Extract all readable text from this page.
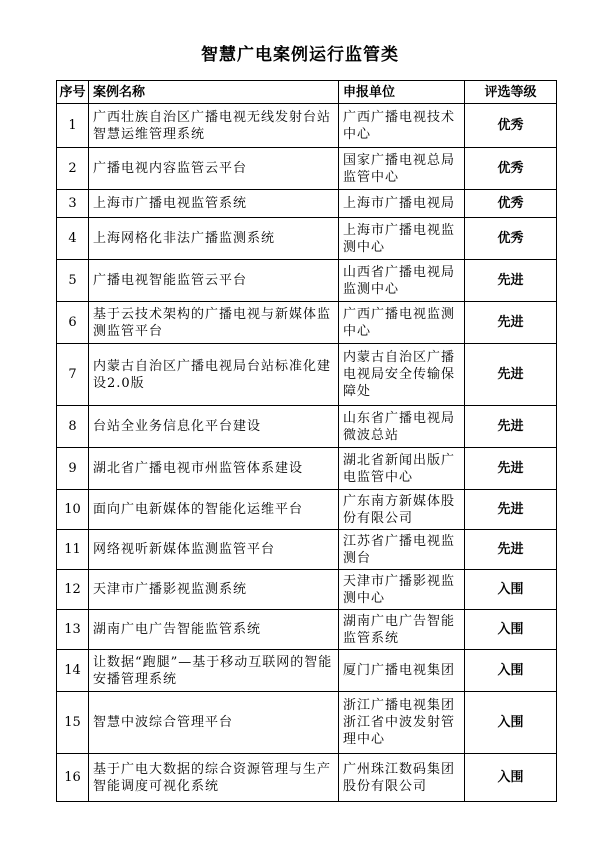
智慧广电案例运行监管类
序号	案例名称	申报单位	评选等级
1	广西壮族自治区广播电视无线发射台站智慧运维管理系统	广西广播电视技术中心	优秀
2	广播电视内容监管云平台	国家广播电视总局监管中心	优秀
3	上海市广播电视监管系统	上海市广播电视局	优秀
4	上海网格化非法广播监测系统	上海市广播电视监测中心	优秀
5	广播电视智能监管云平台	山西省广播电视局监测中心	先进
6	基于云技术架构的广播电视与新媒体监测监管平台	广西广播电视监测中心	先进
7	内蒙古自治区广播电视局台站标准化建设2.0版	内蒙古自治区广播电视局安全传输保障处	先进
8	台站全业务信息化平台建设	山东省广播电视局微波总站	先进
9	湖北省广播电视市州监管体系建设	湖北省新闻出版广电监管中心	先进
10	面向广电新媒体的智能化运维平台	广东南方新媒体股份有限公司	先进
11	网络视听新媒体监测监管平台	江苏省广播电视监测台	先进
12	天津市广播影视监测系统	天津市广播影视监测中心	入围
13	湖南广电广告智能监管系统	湖南广电广告智能监管系统	入围
14	让数据“跑腿”—基于移动互联网的智能安播管理系统	厦门广播电视集团	入围
15	智慧中波综合管理平台	浙江广播电视集团浙江省中波发射管理中心	入围
16	基于广电大数据的综合资源管理与生产智能调度可视化系统	广州珠江数码集团股份有限公司	入围
